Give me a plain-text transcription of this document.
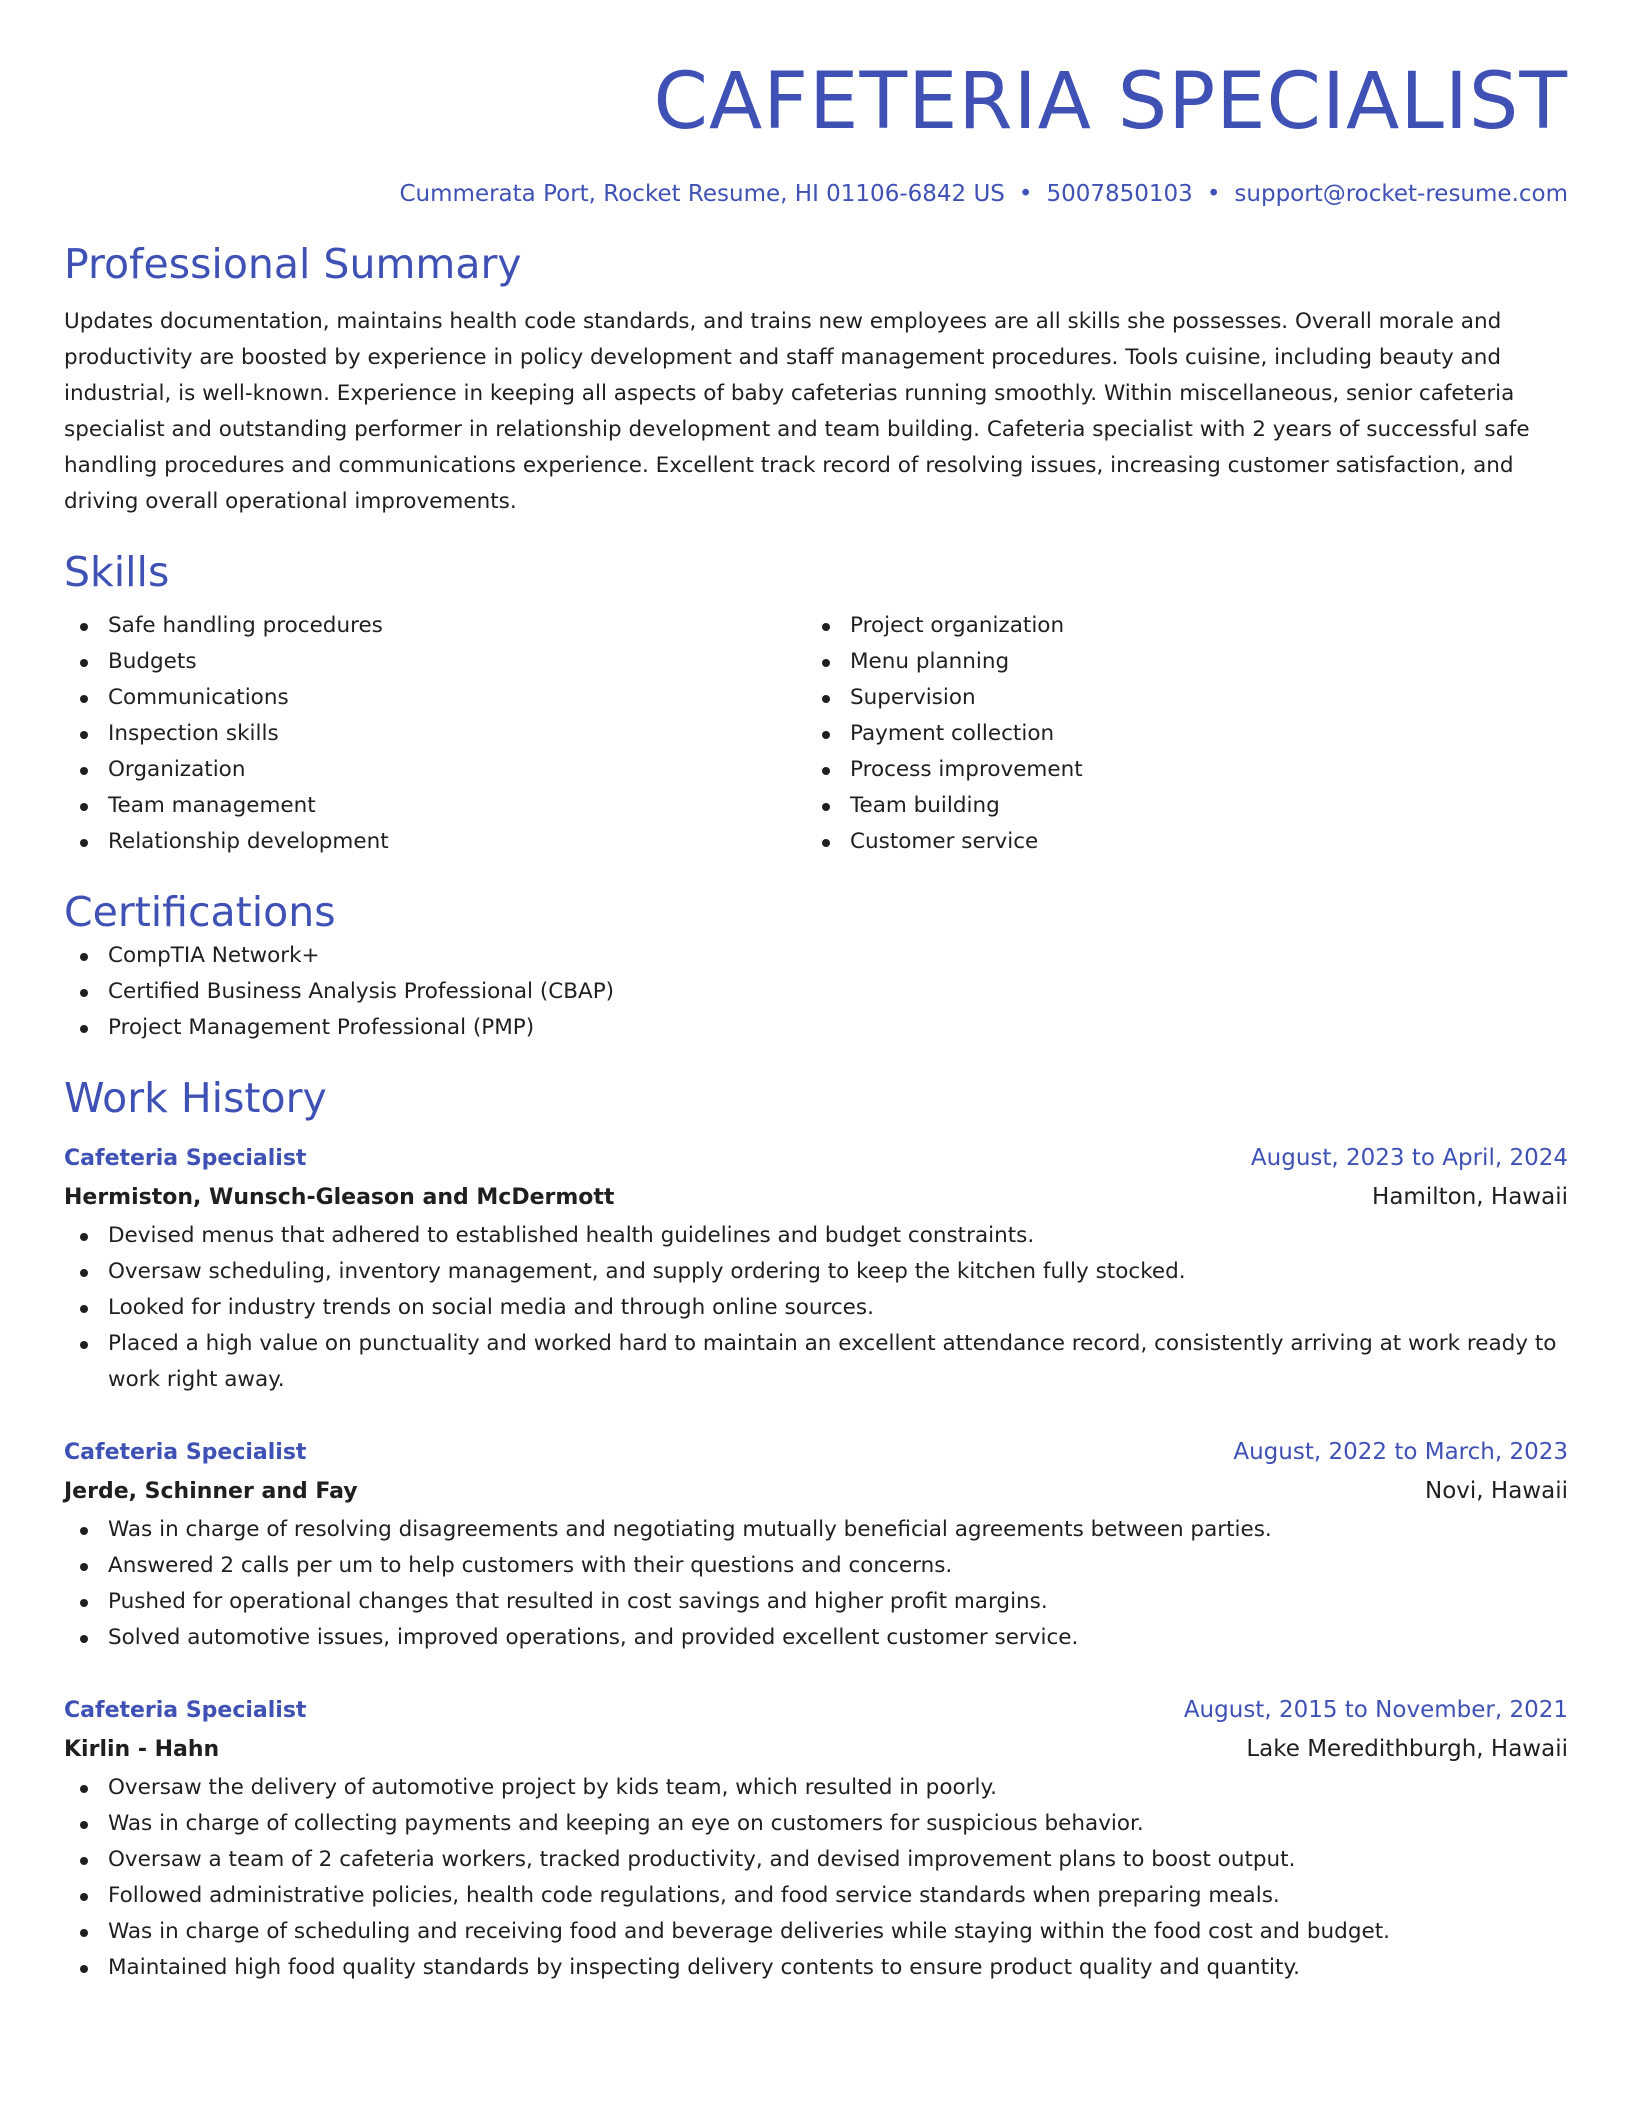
CAFETERIA SPECIALIST
Cummerata Port, Rocket Resume, HI 01106-6842 US • 5007850103 • support@rocket-resume.com
Professional Summary
Updates documentation, maintains health code standards, and trains new employees are all skills she possesses. Overall morale and productivity are boosted by experience in policy development and staff management procedures. Tools cuisine, including beauty and industrial, is well-known. Experience in keeping all aspects of baby cafeterias running smoothly. Within miscellaneous, senior cafeteria specialist and outstanding performer in relationship development and team building. Cafeteria specialist with 2 years of successful safe handling procedures and communications experience. Excellent track record of resolving issues, increasing customer satisfaction, and driving overall operational improvements.
Skills
Safe handling procedures
Budgets
Communications
Inspection skills
Organization
Team management
Relationship development
Project organization
Menu planning
Supervision
Payment collection
Process improvement
Team building
Customer service
Certifications
CompTIA Network+
Certified Business Analysis Professional (CBAP)
Project Management Professional (PMP)
Work History
Cafeteria Specialist	August, 2023 to April, 2024
Hermiston, Wunsch-Gleason and McDermott	Hamilton, Hawaii
Devised menus that adhered to established health guidelines and budget constraints.
Oversaw scheduling, inventory management, and supply ordering to keep the kitchen fully stocked.
Looked for industry trends on social media and through online sources.
Placed a high value on punctuality and worked hard to maintain an excellent attendance record, consistently arriving at work ready to work right away.
Cafeteria Specialist	August, 2022 to March, 2023
Jerde, Schinner and Fay	Novi, Hawaii
Was in charge of resolving disagreements and negotiating mutually beneficial agreements between parties.
Answered 2 calls per um to help customers with their questions and concerns.
Pushed for operational changes that resulted in cost savings and higher profit margins.
Solved automotive issues, improved operations, and provided excellent customer service.
Cafeteria Specialist	August, 2015 to November, 2021
Kirlin - Hahn	Lake Meredithburgh, Hawaii
Oversaw the delivery of automotive project by kids team, which resulted in poorly.
Was in charge of collecting payments and keeping an eye on customers for suspicious behavior.
Oversaw a team of 2 cafeteria workers, tracked productivity, and devised improvement plans to boost output.
Followed administrative policies, health code regulations, and food service standards when preparing meals.
Was in charge of scheduling and receiving food and beverage deliveries while staying within the food cost and budget.
Maintained high food quality standards by inspecting delivery contents to ensure product quality and quantity.
